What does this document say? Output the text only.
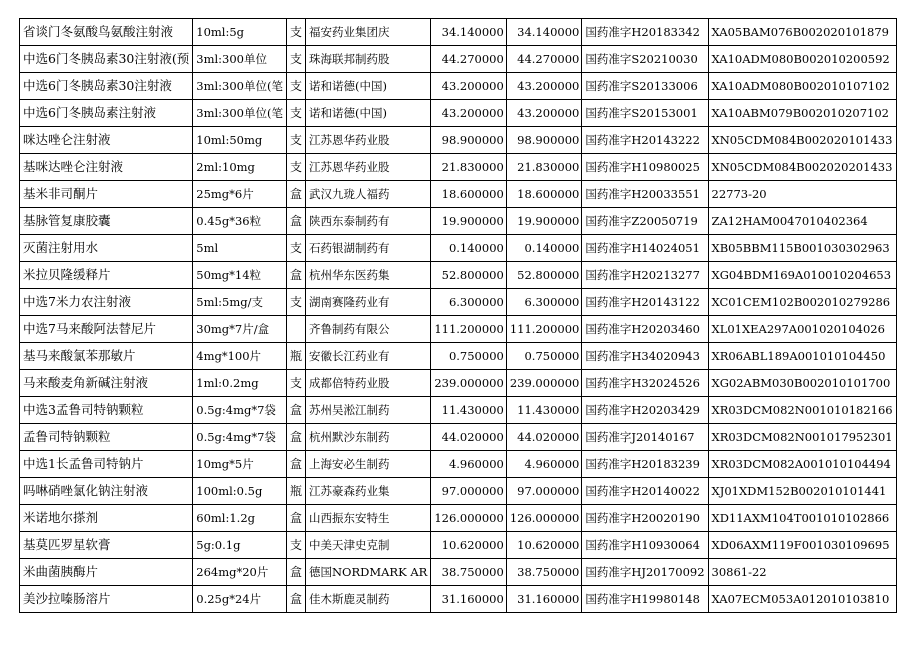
省谈门冬氨酸鸟氨酸注射液	10ml:5g	支	福安药业集团庆	34.140000	34.140000	国药准字H20183342	XA05BAM076B002020101879
中选6门冬胰岛素30注射液(预	3ml:300单位	支	珠海联邦制药股	44.270000	44.270000	国药准字S20210030	XA10ADM080B002010200592
中选6门冬胰岛素30注射液	3ml:300单位(笔	支	诺和诺德(中国)	43.200000	43.200000	国药准字S20133006	XA10ADM080B002010107102
中选6门冬胰岛素注射液	3ml:300单位(笔	支	诺和诺德(中国)	43.200000	43.200000	国药准字S20153001	XA10ABM079B002010207102
咪达唑仑注射液	10ml:50mg	支	江苏恩华药业股	98.900000	98.900000	国药准字H20143222	XN05CDM084B002020101433
基咪达唑仑注射液	2ml:10mg	支	江苏恩华药业股	21.830000	21.830000	国药准字H10980025	XN05CDM084B002020201433
基米非司酮片	25mg*6片	盒	武汉九珑人福药	18.600000	18.600000	国药准字H20033551	22773-20
基脉管复康胶囊	0.45g*36粒	盒	陕西东泰制药有	19.900000	19.900000	国药准字Z20050719	ZA12HAM0047010402364
灭菌注射用水	5ml	支	石药银湖制药有	0.140000	0.140000	国药准字H14024051	XB05BBM115B001030302963
米拉贝隆缓释片	50mg*14粒	盒	杭州华东医药集	52.800000	52.800000	国药准字H20213277	XG04BDM169A010010204653
中选7米力农注射液	5ml:5mg/支	支	湖南赛隆药业有	6.300000	6.300000	国药准字H20143122	XC01CEM102B002010279286
中选7马来酸阿法替尼片	30mg*7片/盒		齐鲁制药有限公	111.200000	111.200000	国药准字H20203460	XL01XEA297A001020104026
基马来酸氯苯那敏片	4mg*100片	瓶	安徽长江药业有	0.750000	0.750000	国药准字H34020943	XR06ABL189A001010104450
马来酸麦角新碱注射液	1ml:0.2mg	支	成都倍特药业股	239.000000	239.000000	国药准字H32024526	XG02ABM030B002010101700
中选3孟鲁司特钠颗粒	0.5g:4mg*7袋	盒	苏州吴淞江制药	11.430000	11.430000	国药准字H20203429	XR03DCM082N001010182166
孟鲁司特钠颗粒	0.5g:4mg*7袋	盒	杭州默沙东制药	44.020000	44.020000	国药准字J20140167	XR03DCM082N001017952301
中选1长孟鲁司特钠片	10mg*5片	盒	上海安必生制药	4.960000	4.960000	国药准字H20183239	XR03DCM082A001010104494
吗啉硝唑氯化钠注射液	100ml:0.5g	瓶	江苏豪森药业集	97.000000	97.000000	国药准字H20140022	XJ01XDM152B002010101441
米诺地尔搽剂	60ml:1.2g	盒	山西振东安特生	126.000000	126.000000	国药准字H20020190	XD11AXM104T001010102866
基莫匹罗星软膏	5g:0.1g	支	中美天津史克制	10.620000	10.620000	国药准字H10930064	XD06AXM119F001030109695
米曲菌胰酶片	264mg*20片	盒	德国NORDMARK AR	38.750000	38.750000	国药准字HJ20170092	30861-22
美沙拉嗪肠溶片	0.25g*24片	盒	佳木斯鹿灵制药	31.160000	31.160000	国药准字H19980148	XA07ECM053A012010103810
